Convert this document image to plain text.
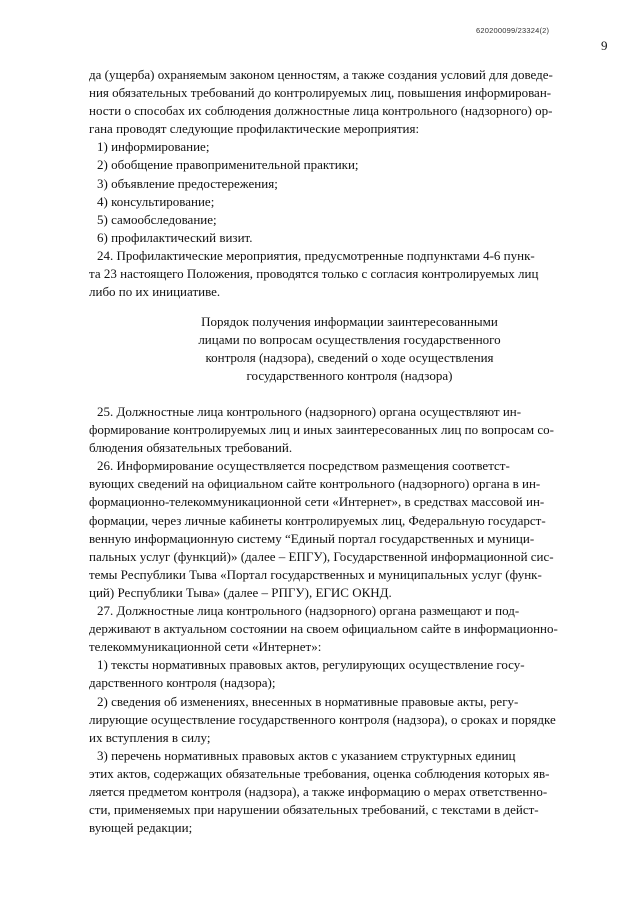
620200099/23324(2)
9
да (ущерба) охраняемым законом ценностям, а также создания условий для доведе-
ния обязательных требований до контролируемых лиц, повышения информирован-
ности о способах их соблюдения должностные лица контрольного (надзорного) ор-
гана проводят следующие профилактические мероприятия:
1) информирование;
2) обобщение правоприменительной практики;
3) объявление предостережения;
4) консультирование;
5) самообследование;
6) профилактический визит.
24. Профилактические мероприятия, предусмотренные подпунктами 4-6 пунк-
та 23 настоящего Положения, проводятся только с согласия контролируемых лиц
либо по их инициативе.
Порядок получения информации заинтересованными
лицами по вопросам осуществления государственного
контроля (надзора), сведений о ходе осуществления
государственного контроля (надзора)
25. Должностные лица контрольного (надзорного) органа осуществляют ин-
формирование контролируемых лиц и иных заинтересованных лиц по вопросам со-
блюдения обязательных требований.
26. Информирование осуществляется посредством размещения соответст-
вующих сведений на официальном сайте контрольного (надзорного) органа в ин-
формационно-телекоммуникационной сети «Интернет», в средствах массовой ин-
формации, через личные кабинеты контролируемых лиц, Федеральную государст-
венную информационную систему “Единый портал государственных и муници-
пальных услуг (функций)» (далее – ЕПГУ), Государственной информационной сис-
темы Республики Тыва «Портал государственных и муниципальных услуг (функ-
ций) Республики Тыва» (далее – РПГУ), ЕГИС ОКНД.
27. Должностные лица контрольного (надзорного) органа размещают и под-
держивают в актуальном состоянии на своем официальном сайте в информационно-
телекоммуникационной сети «Интернет»:
1) тексты нормативных правовых актов, регулирующих осуществление госу-
дарственного контроля (надзора);
2) сведения об изменениях, внесенных в нормативные правовые акты, регу-
лирующие осуществление государственного контроля (надзора), о сроках и порядке
их вступления в силу;
3) перечень нормативных правовых актов с указанием структурных единиц
этих актов, содержащих обязательные требования, оценка соблюдения которых яв-
ляется предметом контроля (надзора), а также информацию о мерах ответственно-
сти, применяемых при нарушении обязательных требований, с текстами в дейст-
вующей редакции;
